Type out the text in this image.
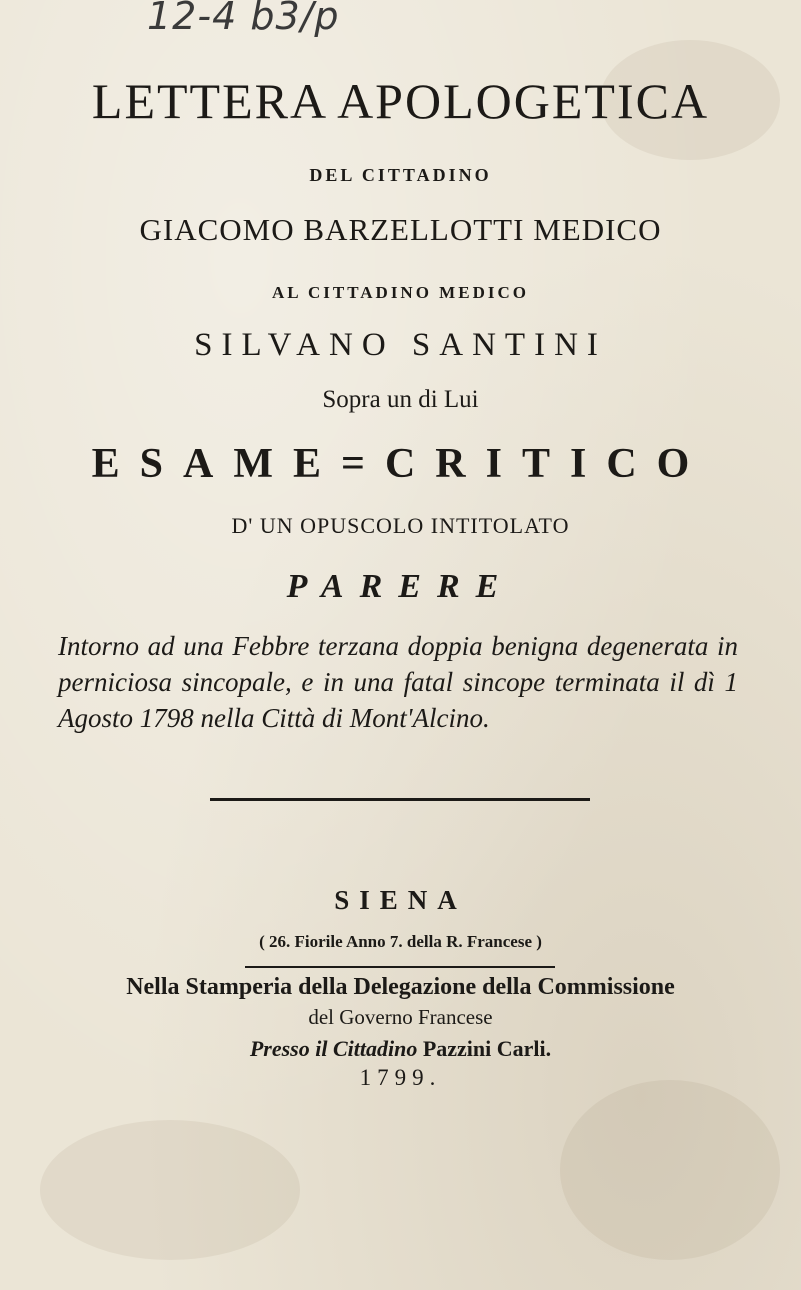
12-4 b3/p
LETTERA APOLOGETICA
DEL CITTADINO
GIACOMO BARZELLOTTI MEDICO
AL CITTADINO MEDICO
SILVANO SANTINI
Sopra un di Lui
ESAME=CRITICO
D' UN OPUSCOLO INTITOLATO
PARERE
Intorno ad una Febbre terzana doppia benigna degenerata in perniciosa sincopale, e in una fatal sincope terminata il dì 1 Agosto 1798 nella Città di Mont'Alcino.
SIENA
( 26. Fiorile Anno 7. della R. Francese )
Nella Stamperia della Delegazione della Commissione
del Governo Francese
Presso il Cittadino Pazzini Carli.
1799.
